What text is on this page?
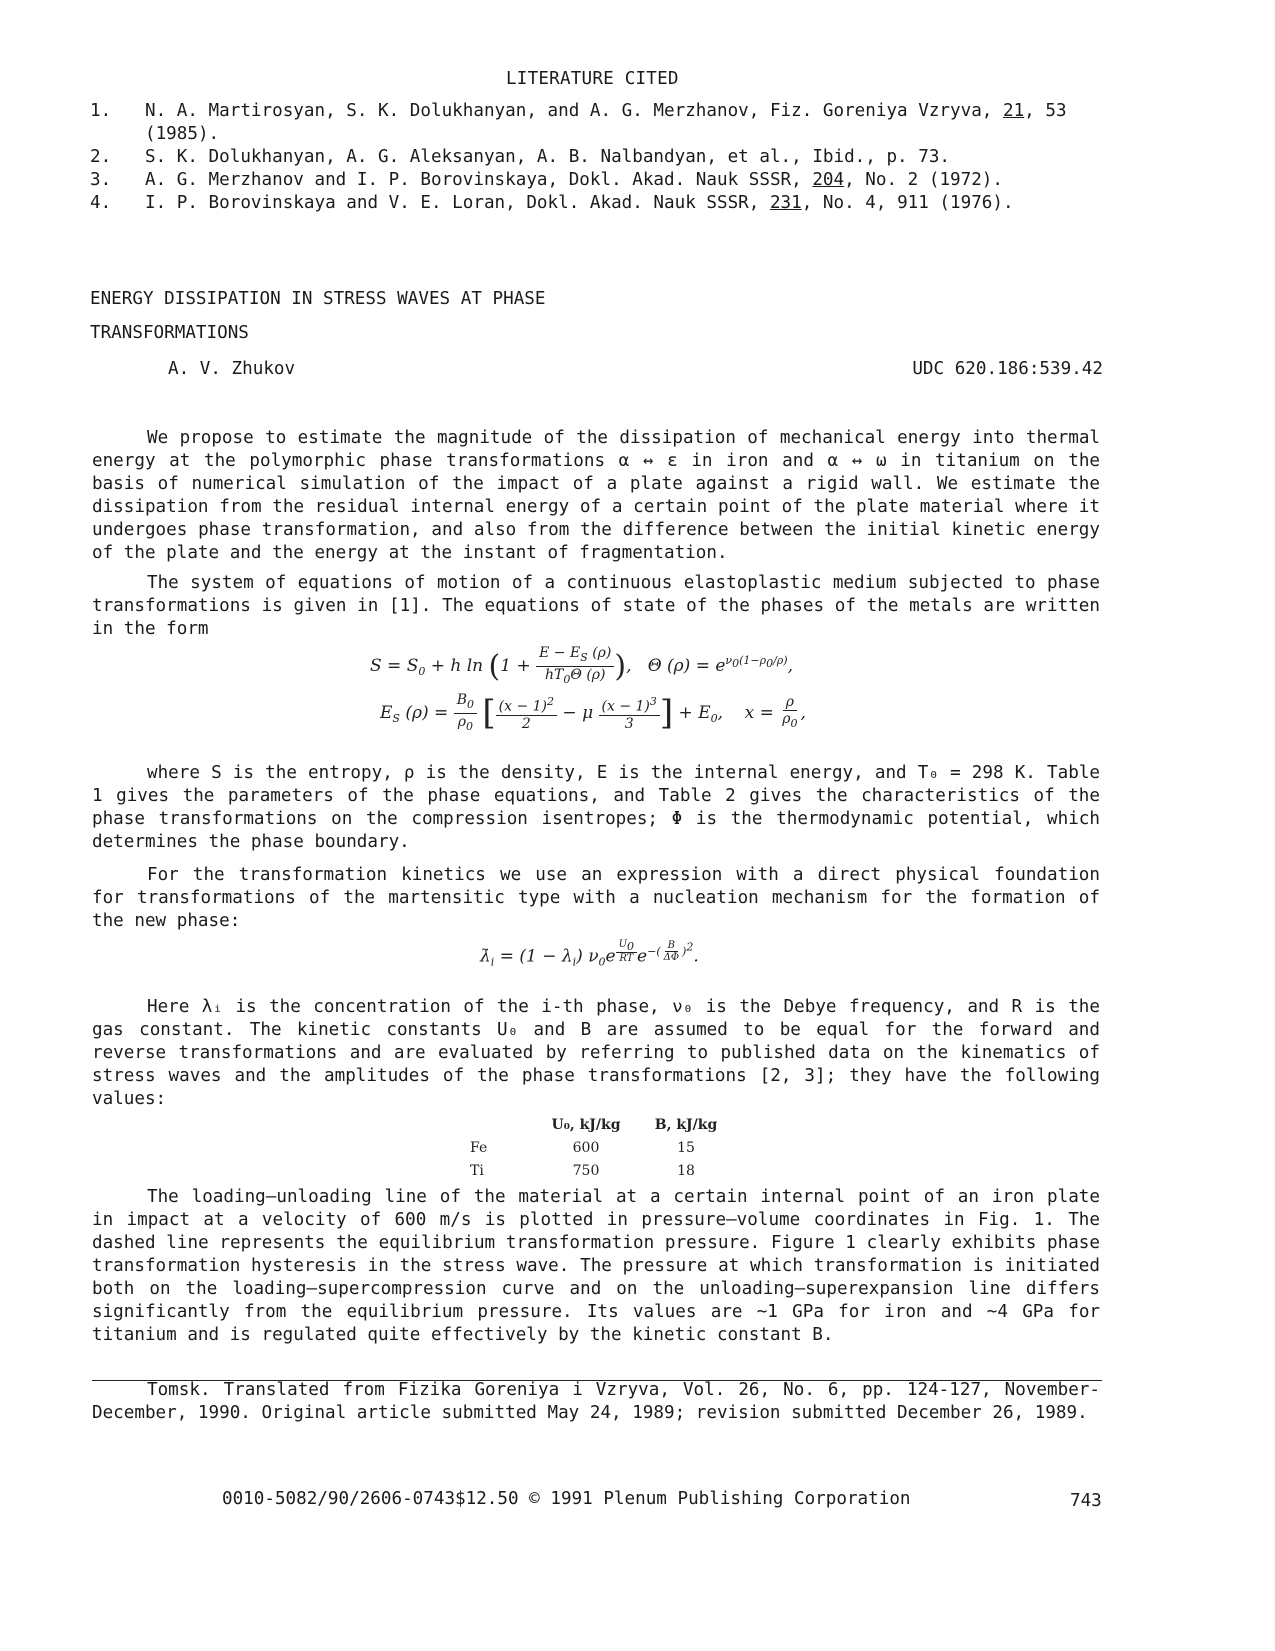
LITERATURE CITED
1.	N. A. Martirosyan, S. K. Dolukhanyan, and A. G. Merzhanov, Fiz. Goreniya Vzryva, 21, 53 (1985).
2.	S. K. Dolukhanyan, A. G. Aleksanyan, A. B. Nalbandyan, et al., Ibid., p. 73.
3.	A. G. Merzhanov and I. P. Borovinskaya, Dokl. Akad. Nauk SSSR, 204, No. 2 (1972).
4.	I. P. Borovinskaya and V. E. Loran, Dokl. Akad. Nauk SSSR, 231, No. 4, 911 (1976).
ENERGY DISSIPATION IN STRESS WAVES AT PHASE
TRANSFORMATIONS
A. V. Zhukov	UDC 620.186:539.42
We propose to estimate the magnitude of the dissipation of mechanical energy into thermal energy at the polymorphic phase transformations α ↔ ε in iron and α ↔ ω in titanium on the basis of numerical simulation of the impact of a plate against a rigid wall. We estimate the dissipation from the residual internal energy of a certain point of the plate material where it undergoes phase transformation, and also from the difference between the initial kinetic energy of the plate and the energy at the instant of fragmentation.
The system of equations of motion of a continuous elastoplastic medium subjected to phase transformations is given in [1]. The equations of state of the phases of the metals are written in the form
$S = S_0 + h$ $\ln (1 + \frac{E - E_S (\rho)}{hT_0\Theta (\rho)}$ ),   Θ $(\rho) = e^{\nu_0(1-\rho_0/\rho)}$,
$E_S$ $(\rho) = \frac{B_0}{\rho_0}$ [ $\frac{(x - 1)^2}{2} - \mu \frac{(x - 1)^3}{3}$ ] + $E_0$,    $x = \frac{\rho}{\rho_0}$ ,
where S is the entropy, ρ is the density, E is the internal energy, and T₀ = 298 K. Table 1 gives the parameters of the phase equations, and Table 2 gives the characteristics of the phase transformations on the compression isentropes; Φ is the thermodynamic potential, which determines the phase boundary.
For the transformation kinetics we use an expression with a direct physical foundation for transformations of the martensitic type with a nucleation mechanism for the formation of the new phase:
$\lambdȧ_i = (1 - \lambda_i)$ $\nu_0e$ $^{\frac{U_0}{RT}}$ $e^{-( \frac{B}{\Delta\Phi} )^2}$.
Here λᵢ is the concentration of the i-th phase, ν₀ is the Debye frequency, and R is the gas constant. The kinetic constants U₀ and B are assumed to be equal for the forward and reverse transformations and are evaluated by referring to published data on the kinematics of stress waves and the amplitudes of the phase transformations [2, 3]; they have the following values:
	U₀, kJ/kg	B, kJ/kg
Fe	600	15
Ti	750	18
The loading—unloading line of the material at a certain internal point of an iron plate in impact at a velocity of 600 m/s is plotted in pressure—volume coordinates in Fig. 1. The dashed line represents the equilibrium transformation pressure. Figure 1 clearly exhibits phase transformation hysteresis in the stress wave. The pressure at which transformation is initiated both on the loading—supercompression curve and on the unloading—superexpansion line differs significantly from the equilibrium pressure. Its values are ~1 GPa for iron and ~4 GPa for titanium and is regulated quite effectively by the kinetic constant B.
Tomsk. Translated from Fizika Goreniya i Vzryva, Vol. 26, No. 6, pp. 124-127, November-December, 1990. Original article submitted May 24, 1989; revision submitted December 26, 1989.
0010-5082/90/2606-0743$12.50 © 1991 Plenum Publishing Corporation	743
